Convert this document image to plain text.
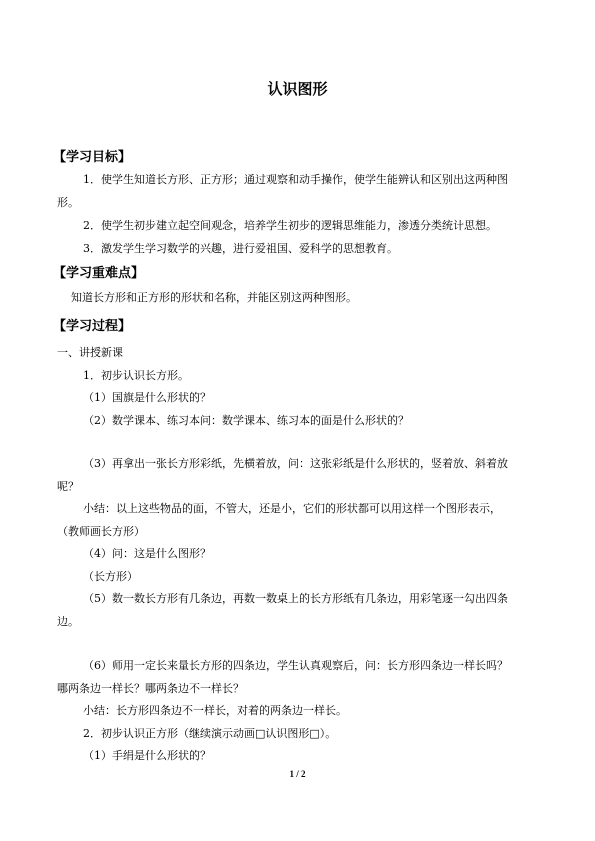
认识图形
【学习目标】
1．使学生知道长方形、正方形；通过观察和动手操作，使学生能辨认和区别出这两种图
形。
2．使学生初步建立起空间观念，培养学生初步的逻辑思维能力，渗透分类统计思想。
3．激发学生学习数学的兴趣，进行爱祖国、爱科学的思想教育。
【学习重难点】
知道长方形和正方形的形状和名称，并能区别这两种图形。
【学习过程】
一、讲授新课
1．初步认识长方形。
（1）国旗是什么形状的？
（2）数学课本、练习本问：数学课本、练习本的面是什么形状的？
（3）再拿出一张长方形彩纸，先横着放，问：这张彩纸是什么形状的，竖着放、斜着放
呢？
小结：以上这些物品的面，不管大，还是小，它们的形状都可以用这样一个图形表示，
（教师画长方形）
（4）问：这是什么图形？
（长方形）
（5）数一数长方形有几条边，再数一数桌上的长方形纸有几条边，用彩笔逐一勾出四条
边。
（6）师用一定长来量长方形的四条边，学生认真观察后，问：长方形四条边一样长吗？
哪两条边一样长？哪两条边不一样长？
小结：长方形四条边不一样长，对着的两条边一样长。
2．初步认识正方形（继续演示动画□认识图形□）。
（1）手绢是什么形状的？
1 / 2
